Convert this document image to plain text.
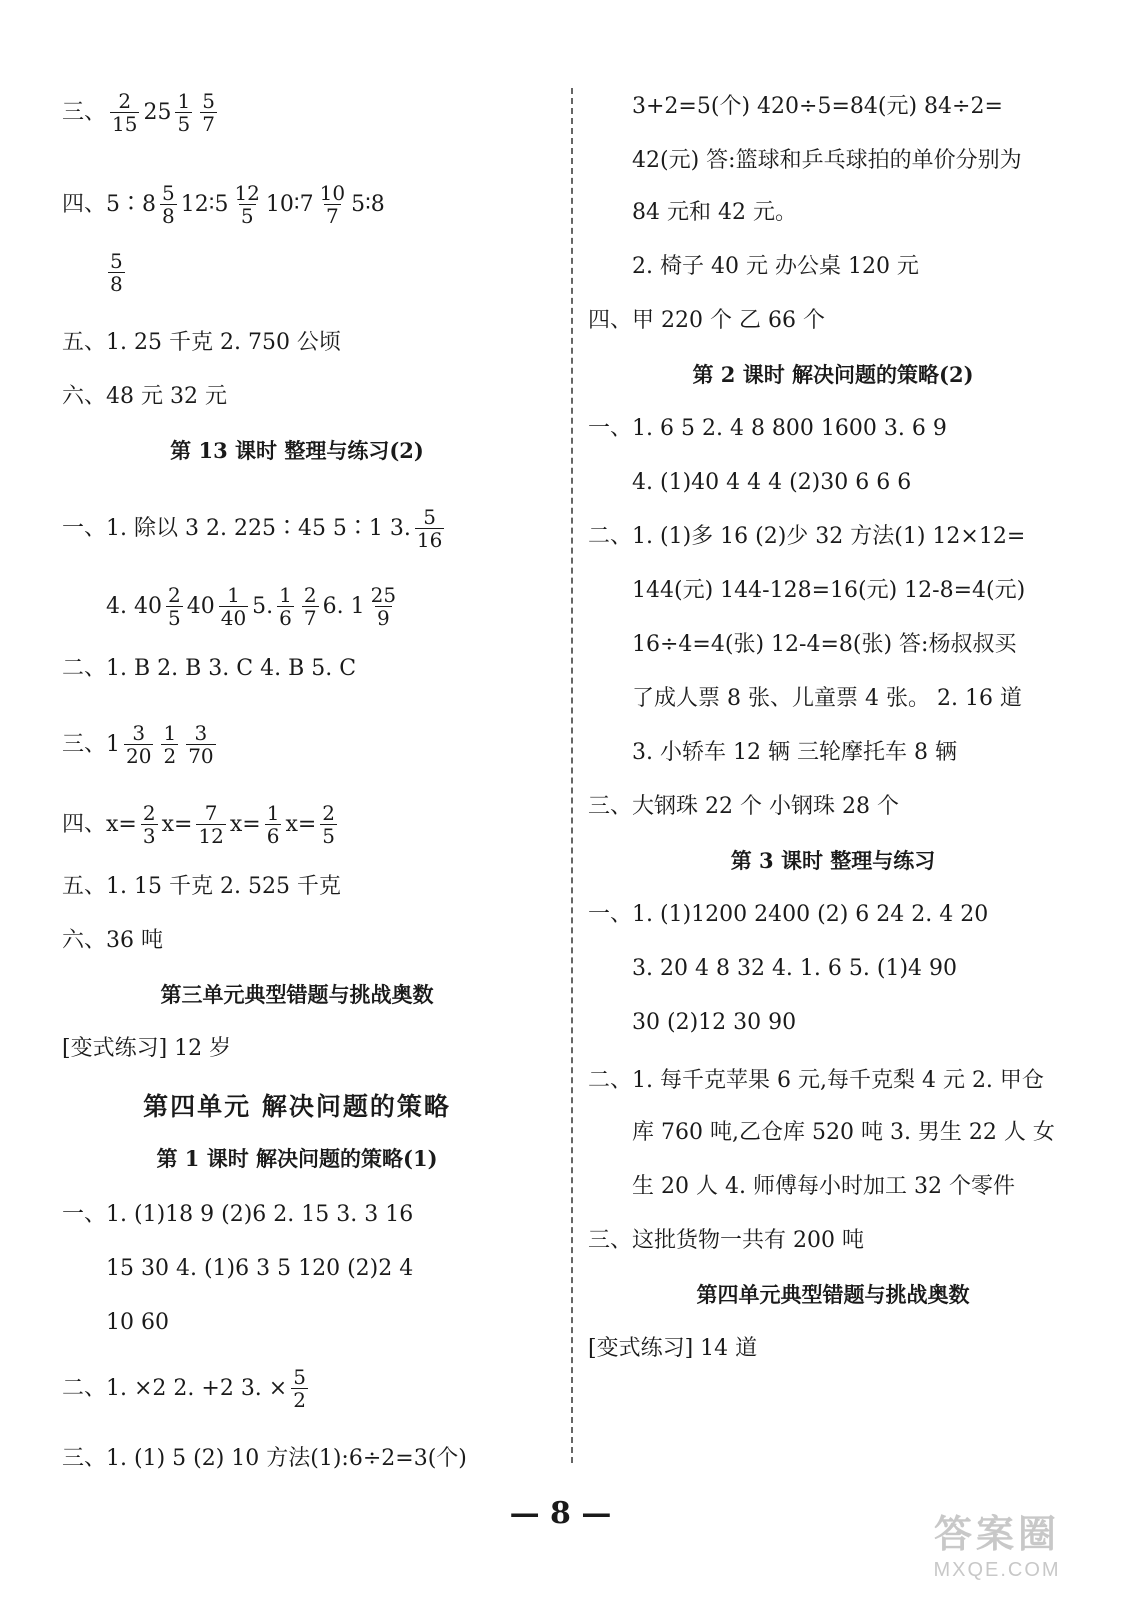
三、 $\frac{2}{15} 25 \frac{1}{5} \frac{5}{7}$
四、5∶8 $\frac{5}{8}$ 12∶5 $\frac{12}{5}$ 10∶7 $\frac{10}{7}$ 5∶8
$\frac{5}{8}$
五、1. 25 千克 2. 750 公顷
六、48 元 32 元
第 13 课时 整理与练习(2)
一、1. 除以 3 2. 225∶45 5∶1 3. $\frac{5}{16}$
4. $40 \frac{2}{5} 40 \frac{1}{40} 5$. $\frac{1}{6} \frac{2}{7} 6$. $1 \frac{25}{9}$
二、1. B 2. B 3. C 4. B 5. C
三、$1 \frac{3}{20} \frac{1}{2} \frac{3}{70}$
四、$x= \frac{2}{3} x= \frac{7}{12} x= \frac{1}{6} x= \frac{2}{5}$
五、1. 15 千克 2. 525 千克
六、36 吨
第三单元典型错题与挑战奥数
[变式练习] 12 岁
第四单元 解决问题的策略
第 1 课时 解决问题的策略(1)
一、1. (1)18 9 (2)6 2. 15 3. 3 16
15 30 4. (1)6 3 5 120 (2)2 4
10 60
二、1. ×2 2. +2 3. × $\frac{5}{2}$
三、1. (1) 5 (2) 10 方法(1):6÷2=3(个)
3+2=5(个) 420÷5=84(元) 84÷2=
42(元) 答:篮球和乒乓球拍的单价分别为
84 元和 42 元。
2. 椅子 40 元 办公桌 120 元
四、甲 220 个 乙 66 个
第 2 课时 解决问题的策略(2)
一、1. 6 5 2. 4 8 800 1600 3. 6 9
4. (1)40 4 4 4 (2)30 6 6 6
二、1. (1)多 16 (2)少 32 方法(1) 12×12=
144(元) 144-128=16(元) 12-8=4(元)
16÷4=4(张) 12-4=8(张) 答:杨叔叔买
了成人票 8 张、儿童票 4 张。 2. 16 道
3. 小轿车 12 辆 三轮摩托车 8 辆
三、大钢珠 22 个 小钢珠 28 个
第 3 课时 整理与练习
一、1. (1)1200 2400 (2) 6 24 2. 4 20
3. 20 4 8 32 4. 1. 6 5. (1)4 90
30 (2)12 30 90
二、1. 每千克苹果 6 元,每千克梨 4 元 2. 甲仓
库 760 吨,乙仓库 520 吨 3. 男生 22 人 女
生 20 人 4. 师傅每小时加工 32 个零件
三、这批货物一共有 200 吨
第四单元典型错题与挑战奥数
[变式练习] 14 道
— 8 —
答案圈
MXQE.COM
